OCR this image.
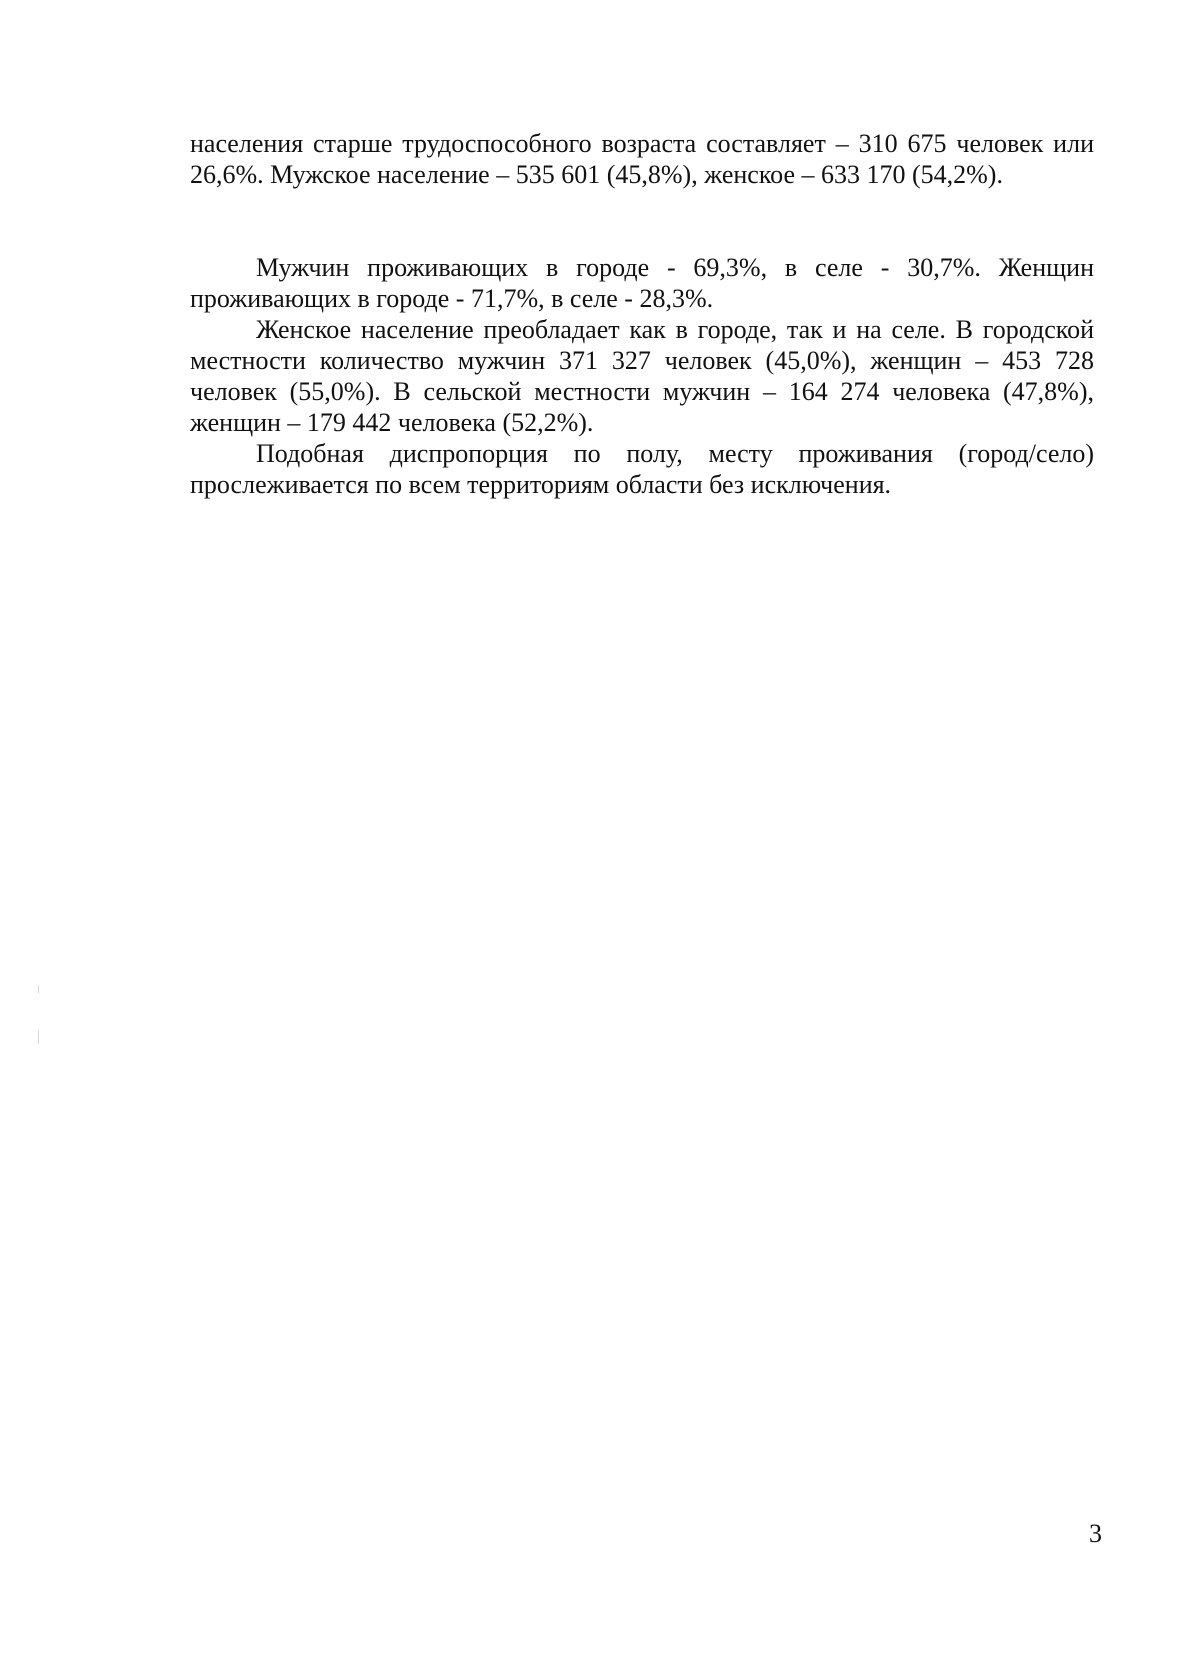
населения старше трудоспособного возраста составляет – 310 675 человек или 26,6%. Мужское население – 535 601 (45,8%), женское – 633 170 (54,2%).

Мужчин проживающих в городе - 69,3%, в селе - 30,7%. Женщин проживающих в городе - 71,7%, в селе - 28,3%.

Женское население преобладает как в городе, так и на селе. В городской местности количество мужчин 371 327 человек (45,0%), женщин – 453 728 человек (55,0%). В сельской местности мужчин – 164 274 человека (47,8%), женщин – 179 442 человека (52,2%).

Подобная диспропорция по полу, месту проживания (город/село) прослеживается по всем территориям области без исключения.

3
